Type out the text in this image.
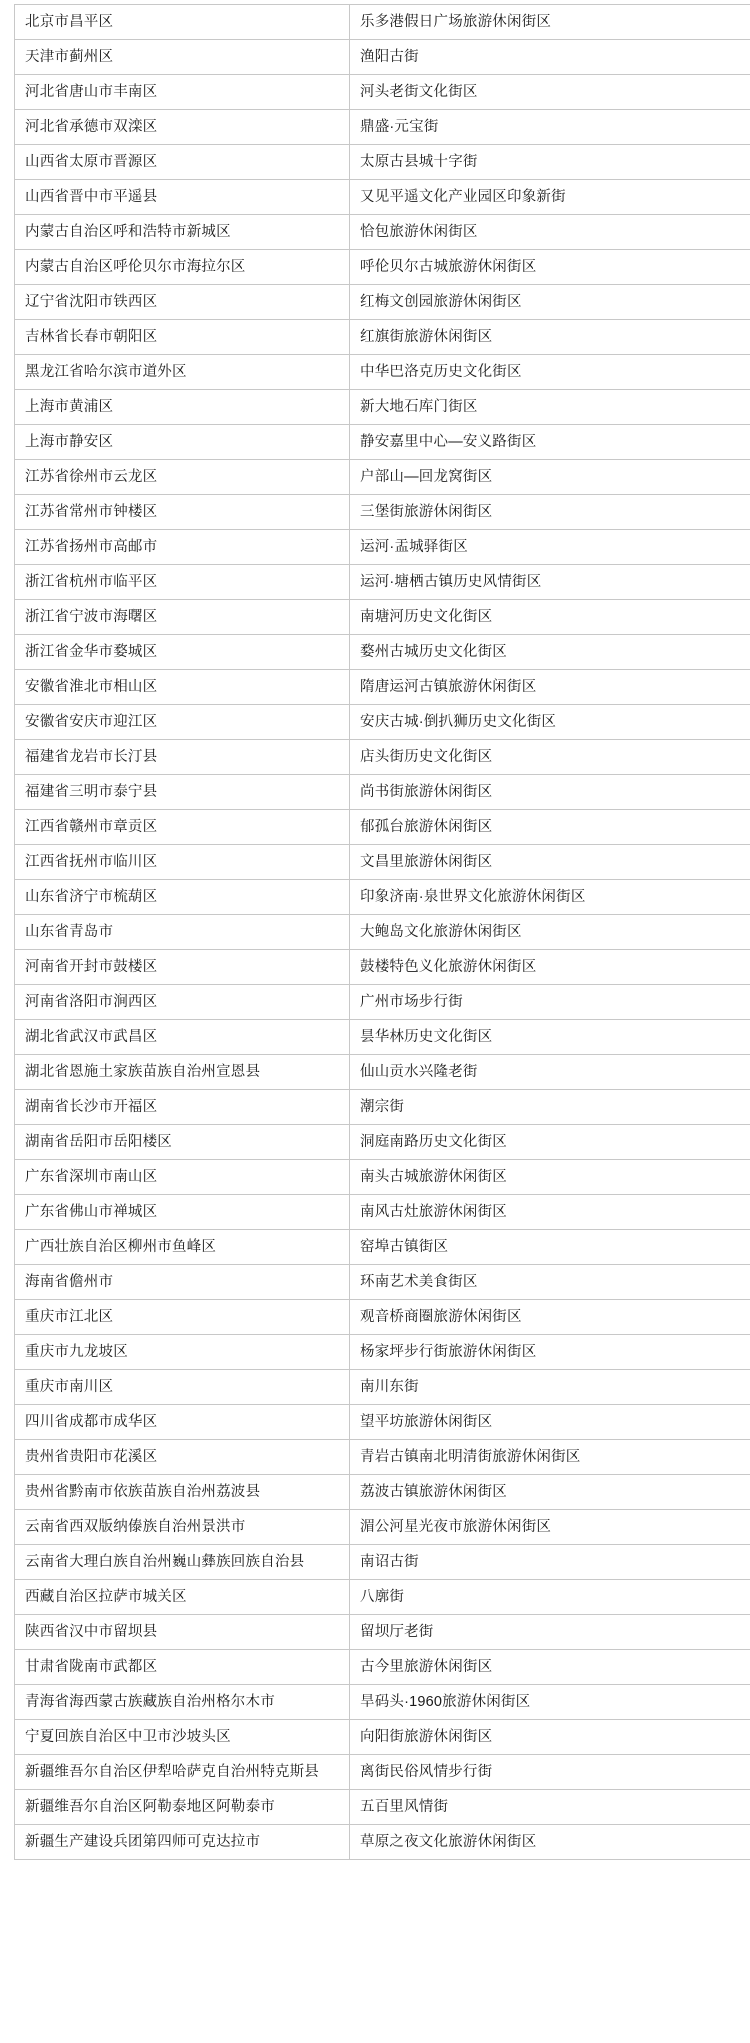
北京市昌平区	乐多港假日广场旅游休闲街区
天津市蓟州区	渔阳古街
河北省唐山市丰南区	河头老街文化街区
河北省承德市双滦区	鼎盛·元宝街
山西省太原市晋源区	太原古县城十字街
山西省晋中市平遥县	又见平遥文化产业园区印象新街
内蒙古自治区呼和浩特市新城区	恰包旅游休闲街区
内蒙古自治区呼伦贝尔市海拉尔区	呼伦贝尔古城旅游休闲街区
辽宁省沈阳市铁西区	红梅文创园旅游休闲街区
吉林省长春市朝阳区	红旗街旅游休闲街区
黑龙江省哈尔滨市道外区	中华巴洛克历史文化街区
上海市黄浦区	新大地石库门街区
上海市静安区	静安嘉里中心—安义路街区
江苏省徐州市云龙区	户部山—回龙窝街区
江苏省常州市钟楼区	三堡街旅游休闲街区
江苏省扬州市高邮市	运河·盂城驿街区
浙江省杭州市临平区	运河·塘栖古镇历史风情街区
浙江省宁波市海曙区	南塘河历史文化街区
浙江省金华市婺城区	婺州古城历史文化街区
安徽省淮北市相山区	隋唐运河古镇旅游休闲街区
安徽省安庆市迎江区	安庆古城·倒扒狮历史文化街区
福建省龙岩市长汀县	店头街历史文化街区
福建省三明市泰宁县	尚书街旅游休闲街区
江西省赣州市章贡区	郁孤台旅游休闲街区
江西省抚州市临川区	文昌里旅游休闲街区
山东省济宁市梳葫区	印象济南·泉世界文化旅游休闲街区
山东省青岛市	大鲍岛文化旅游休闲街区
河南省开封市鼓楼区	鼓楼特色义化旅游休闲街区
河南省洛阳市涧西区	广州市场步行街
湖北省武汉市武昌区	昙华林历史文化街区
湖北省恩施土家族苗族自治州宣恩县	仙山贡水兴隆老街
湖南省长沙市开福区	潮宗街
湖南省岳阳市岳阳楼区	洞庭南路历史文化街区
广东省深圳市南山区	南头古城旅游休闲街区
广东省佛山市禅城区	南风古灶旅游休闲街区
广西壮族自治区柳州市鱼峰区	窑埠古镇街区
海南省儋州市	环南艺术美食街区
重庆市江北区	观音桥商圈旅游休闲街区
重庆市九龙坡区	杨家坪步行街旅游休闲街区
重庆市南川区	南川东街
四川省成都市成华区	望平坊旅游休闲街区
贵州省贵阳市花溪区	青岩古镇南北明清街旅游休闲街区
贵州省黔南市依族苗族自治州荔波县	荔波古镇旅游休闲街区
云南省西双版纳傣族自治州景洪市	湄公河星光夜市旅游休闲街区
云南省大理白族自治州巍山彝族回族自治县	南诏古街
西藏自治区拉萨市城关区	八廓街
陕西省汉中市留坝县	留坝厅老街
甘肃省陇南市武都区	古今里旅游休闲街区
青海省海西蒙古族藏族自治州格尔木市	旱码头·1960旅游休闲街区
宁夏回族自治区中卫市沙坡头区	向阳街旅游休闲街区
新疆维吾尔自治区伊犁哈萨克自治州特克斯县	离街民俗风情步行街
新疆维吾尔自治区阿勒泰地区阿勒泰市	五百里风情街
新疆生产建设兵团第四师可克达拉市	草原之夜文化旅游休闲街区
